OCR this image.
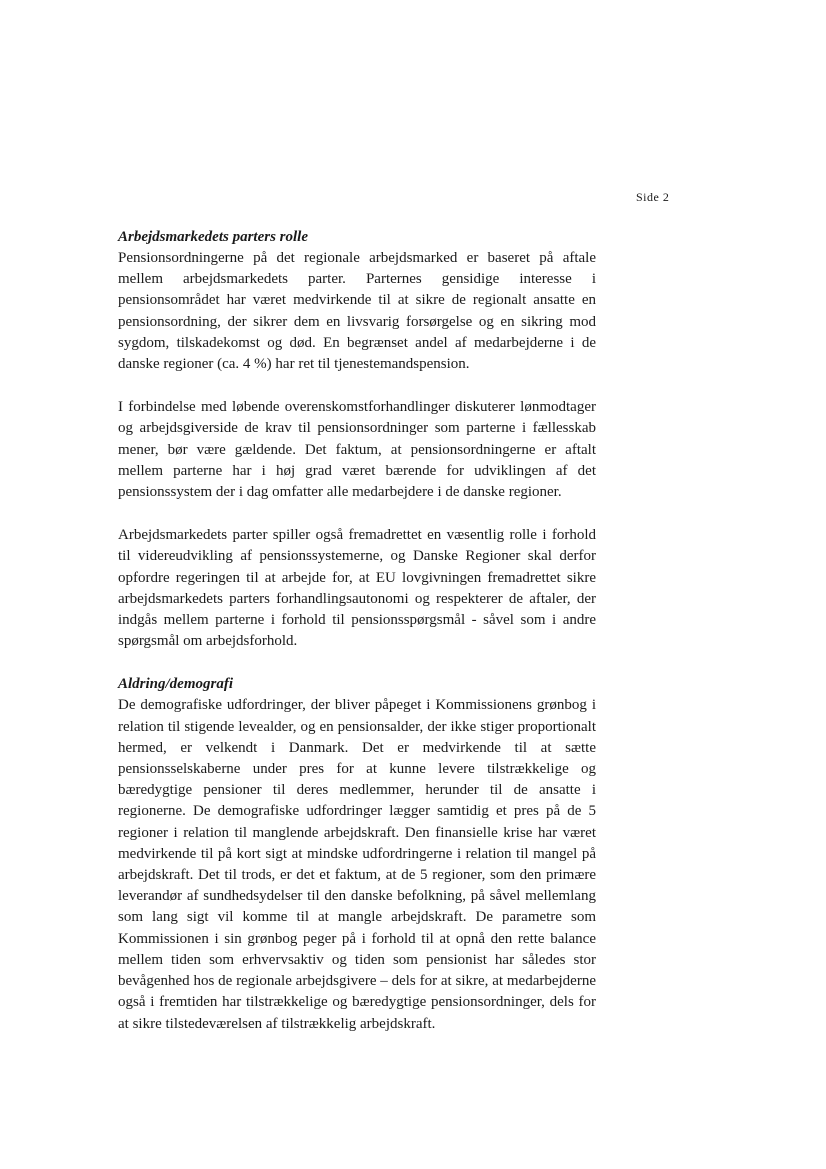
Side 2
Arbejdsmarkedets parters rolle

Pensionsordningerne på det regionale arbejdsmarked er baseret på aftale mellem arbejdsmarkedets parter. Parternes gensidige interesse i pensionsområdet har været medvirkende til at sikre de regionalt ansatte en pensionsordning, der sikrer dem en livsvarig forsørgelse og en sikring mod sygdom, tilskadekomst og død. En begrænset andel af medarbejderne i de danske regioner (ca. 4 %) har ret til tjenestemandspension.

I forbindelse med løbende overenskomstforhandlinger diskuterer lønmodtager og arbejdsgiverside de krav til pensionsordninger som parterne i fællesskab mener, bør være gældende. Det faktum, at pensionsordningerne er aftalt mellem parterne har i høj grad været bærende for udviklingen af det pensionssystem der i dag omfatter alle medarbejdere i de danske regioner.

Arbejdsmarkedets parter spiller også fremadrettet en væsentlig rolle i forhold til videreudvikling af pensionssystemerne, og Danske Regioner skal derfor opfordre regeringen til at arbejde for, at EU lovgivningen fremadrettet sikre arbejdsmarkedets parters forhandlingsautonomi og respekterer de aftaler, der indgås mellem parterne i forhold til pensionsspørgsmål - såvel som i andre spørgsmål om arbejdsforhold.

Aldring/demografi

De demografiske udfordringer, der bliver påpeget i Kommissionens grønbog i relation til stigende levealder, og en pensionsalder, der ikke stiger proportionalt hermed, er velkendt i Danmark. Det er medvirkende til at sætte pensionsselskaberne under pres for at kunne levere tilstrækkelige og bæredygtige pensioner til deres medlemmer, herunder til de ansatte i regionerne. De demografiske udfordringer lægger samtidig et pres på de 5 regioner i relation til manglende arbejdskraft. Den finansielle krise har været medvirkende til på kort sigt at mindske udfordringerne i relation til mangel på arbejdskraft. Det til trods, er det et faktum, at de 5 regioner, som den primære leverandør af sundhedsydelser til den danske befolkning, på såvel mellemlang som lang sigt vil komme til at mangle arbejdskraft. De parametre som Kommissionen i sin grønbog peger på i forhold til at opnå den rette balance mellem tiden som erhvervsaktiv og tiden som pensionist har således stor bevågenhed hos de regionale arbejdsgivere – dels for at sikre, at medarbejderne også i fremtiden har tilstrækkelige og bæredygtige pensionsordninger, dels for at sikre tilstedeværelsen af tilstrækkelig arbejdskraft.
